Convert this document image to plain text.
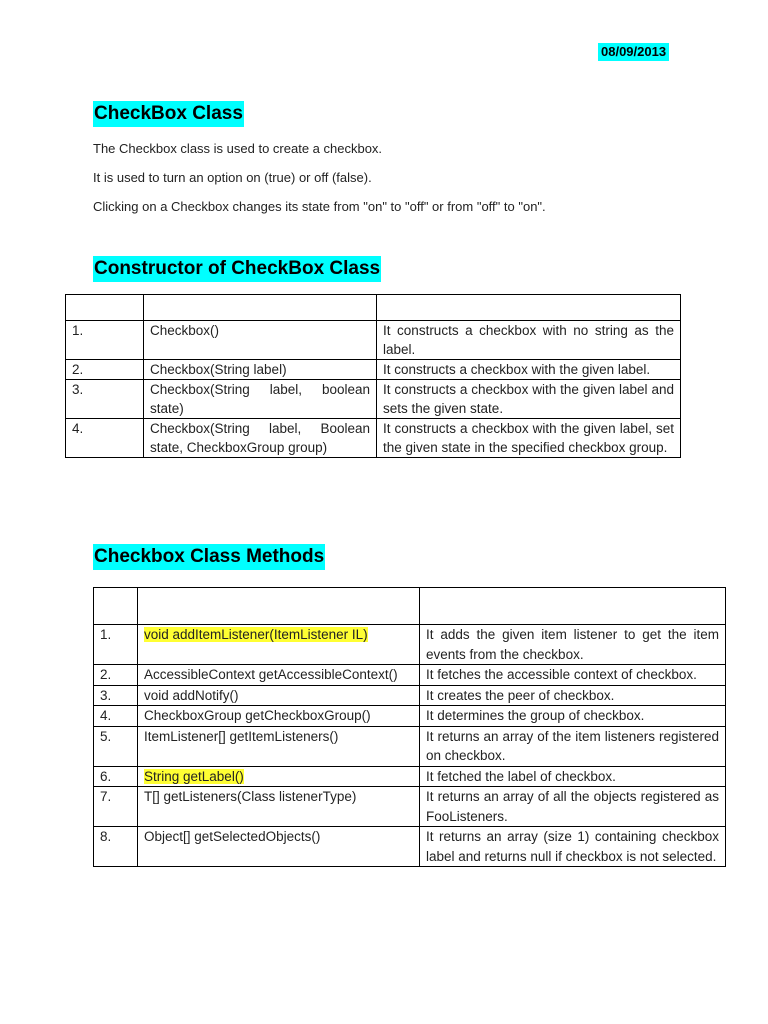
08/09/2013
CheckBox Class
The Checkbox class is used to create a checkbox.
It is used to turn an option on (true) or off (false).
Clicking on a Checkbox changes its state from "on" to "off" or from "off" to "on".
Constructor of CheckBox Class

1.	Checkbox()	It constructs a checkbox with no string as the label.
2.	Checkbox(String label)	It constructs a checkbox with the given label.
3.	Checkbox(String label, boolean state)	It constructs a checkbox with the given label and sets the given state.
4.	Checkbox(String label, Boolean state, CheckboxGroup group)	It constructs a checkbox with the given label, set the given state in the specified checkbox group.
Checkbox Class Methods

1.	void addItemListener(ItemListener IL)	It adds the given item listener to get the item events from the checkbox.
2.	AccessibleContext getAccessibleContext()	It fetches the accessible context of checkbox.
3.	void addNotify()	It creates the peer of checkbox.
4.	CheckboxGroup getCheckboxGroup()	It determines the group of checkbox.
5.	ItemListener[] getItemListeners()	It returns an array of the item listeners registered on checkbox.
6.	String getLabel()	It fetched the label of checkbox.
7.	T[] getListeners(Class listenerType)	It returns an array of all the objects registered as FooListeners.
8.	Object[] getSelectedObjects()	It returns an array (size 1) containing checkbox label and returns null if checkbox is not selected.
